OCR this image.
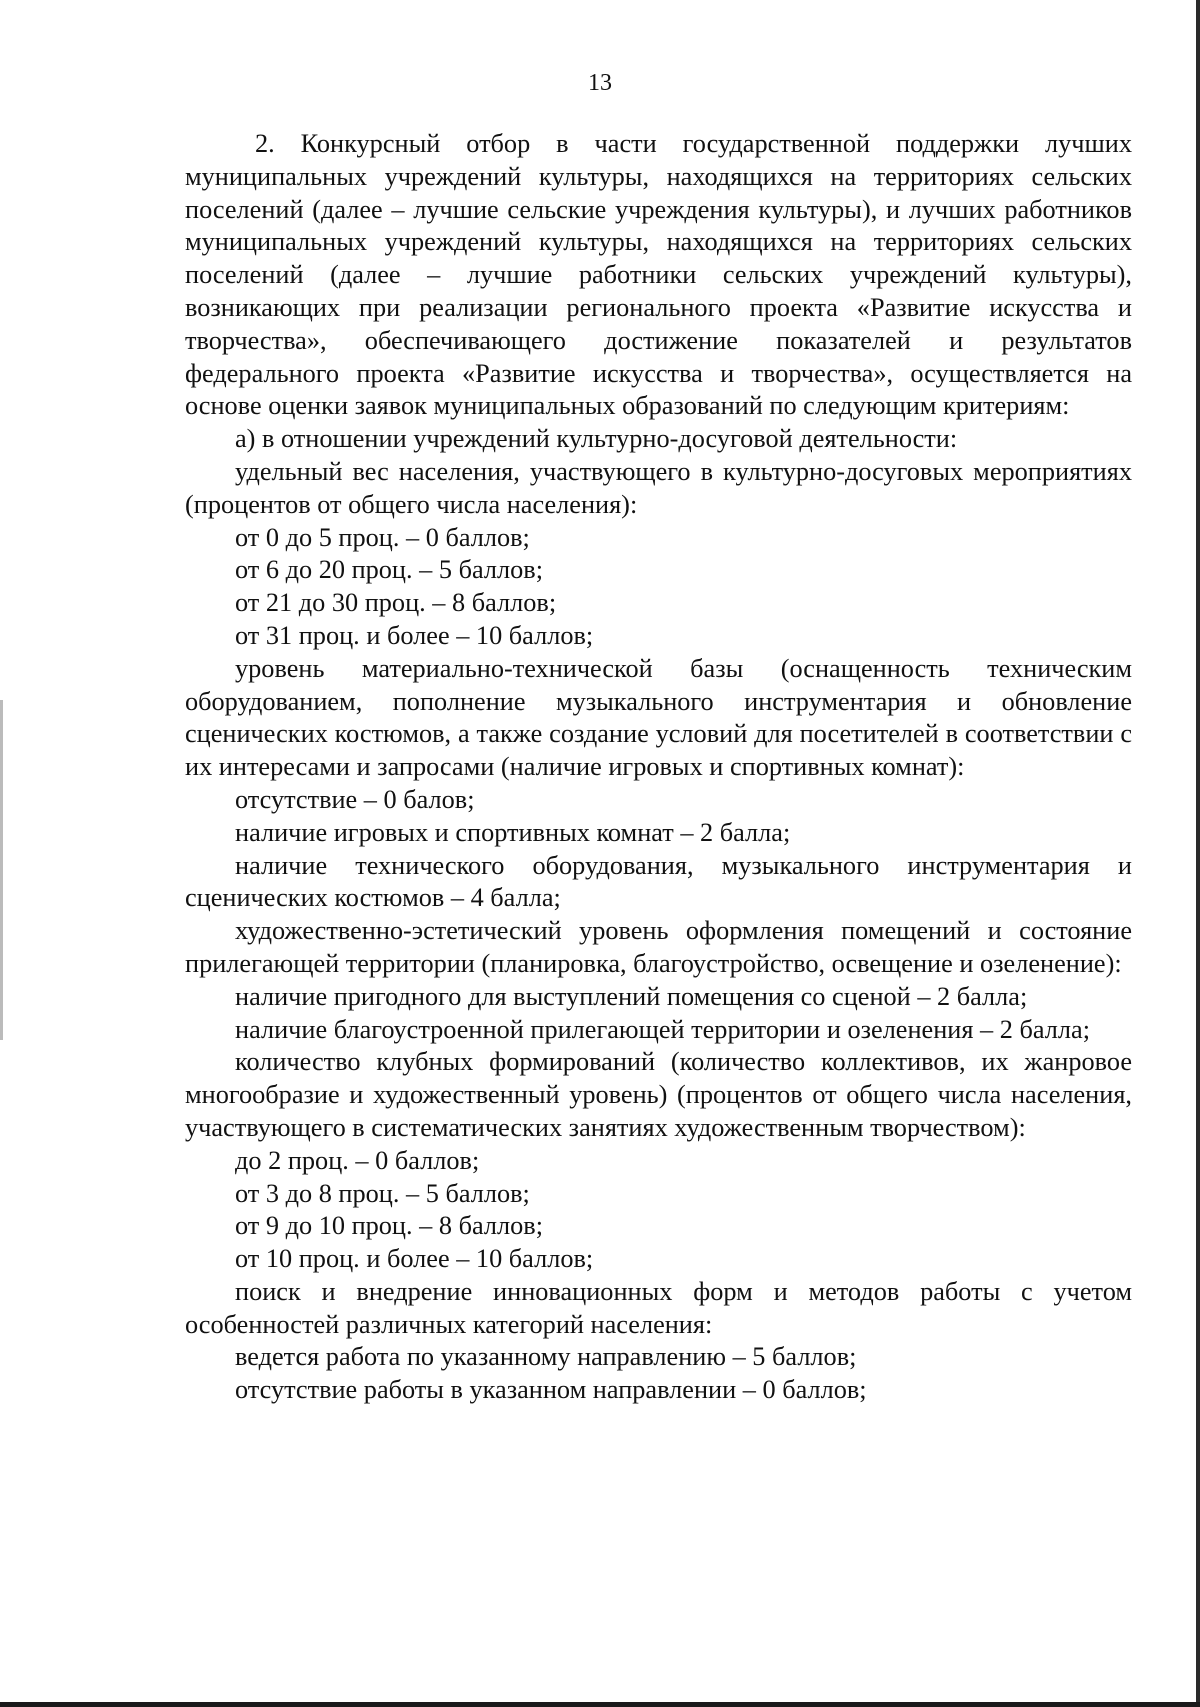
13

2. Конкурсный отбор в части государственной поддержки лучших муниципальных учреждений культуры, находящихся на территориях сельских поселений (далее – лучшие сельские учреждения культуры), и лучших работников муниципальных учреждений культуры, находящихся на территориях сельских поселений (далее – лучшие работники сельских учреждений культуры), возникающих при реализации регионального проекта «Развитие искусства и творчества», обеспечивающего достижение показателей и результатов федерального проекта «Развитие искусства и творчества», осуществляется на основе оценки заявок муниципальных образований по следующим критериям:

а) в отношении учреждений культурно-досуговой деятельности:

удельный вес населения, участвующего в культурно-досуговых мероприятиях (процентов от общего числа населения):

от 0 до 5 проц. – 0 баллов;

от 6 до 20 проц. – 5 баллов;

от 21 до 30 проц. – 8 баллов;

от 31 проц. и более – 10 баллов;

уровень материально-технической базы (оснащенность техническим оборудованием, пополнение музыкального инструментария и обновление сценических костюмов, а также создание условий для посетителей в соответствии с их интересами и запросами (наличие игровых и спортивных комнат):

отсутствие – 0 балов;

наличие игровых и спортивных комнат – 2 балла;

наличие технического оборудования, музыкального инструментария и сценических костюмов – 4 балла;

художественно-эстетический уровень оформления помещений и состояние прилегающей территории (планировка, благоустройство, освещение и озеленение):

наличие пригодного для выступлений помещения со сценой – 2 балла;

наличие благоустроенной прилегающей территории и озеленения – 2 балла;

количество клубных формирований (количество коллективов, их жанровое многообразие и художественный уровень) (процентов от общего числа населения, участвующего в систематических занятиях художественным творчеством):

до 2 проц. – 0 баллов;

от 3 до 8 проц. – 5 баллов;

от 9 до 10 проц. – 8 баллов;

от 10 проц. и более – 10 баллов;

поиск и внедрение инновационных форм и методов работы с учетом особенностей различных категорий населения:

ведется работа по указанному направлению – 5 баллов;

отсутствие работы в указанном направлении – 0 баллов;
